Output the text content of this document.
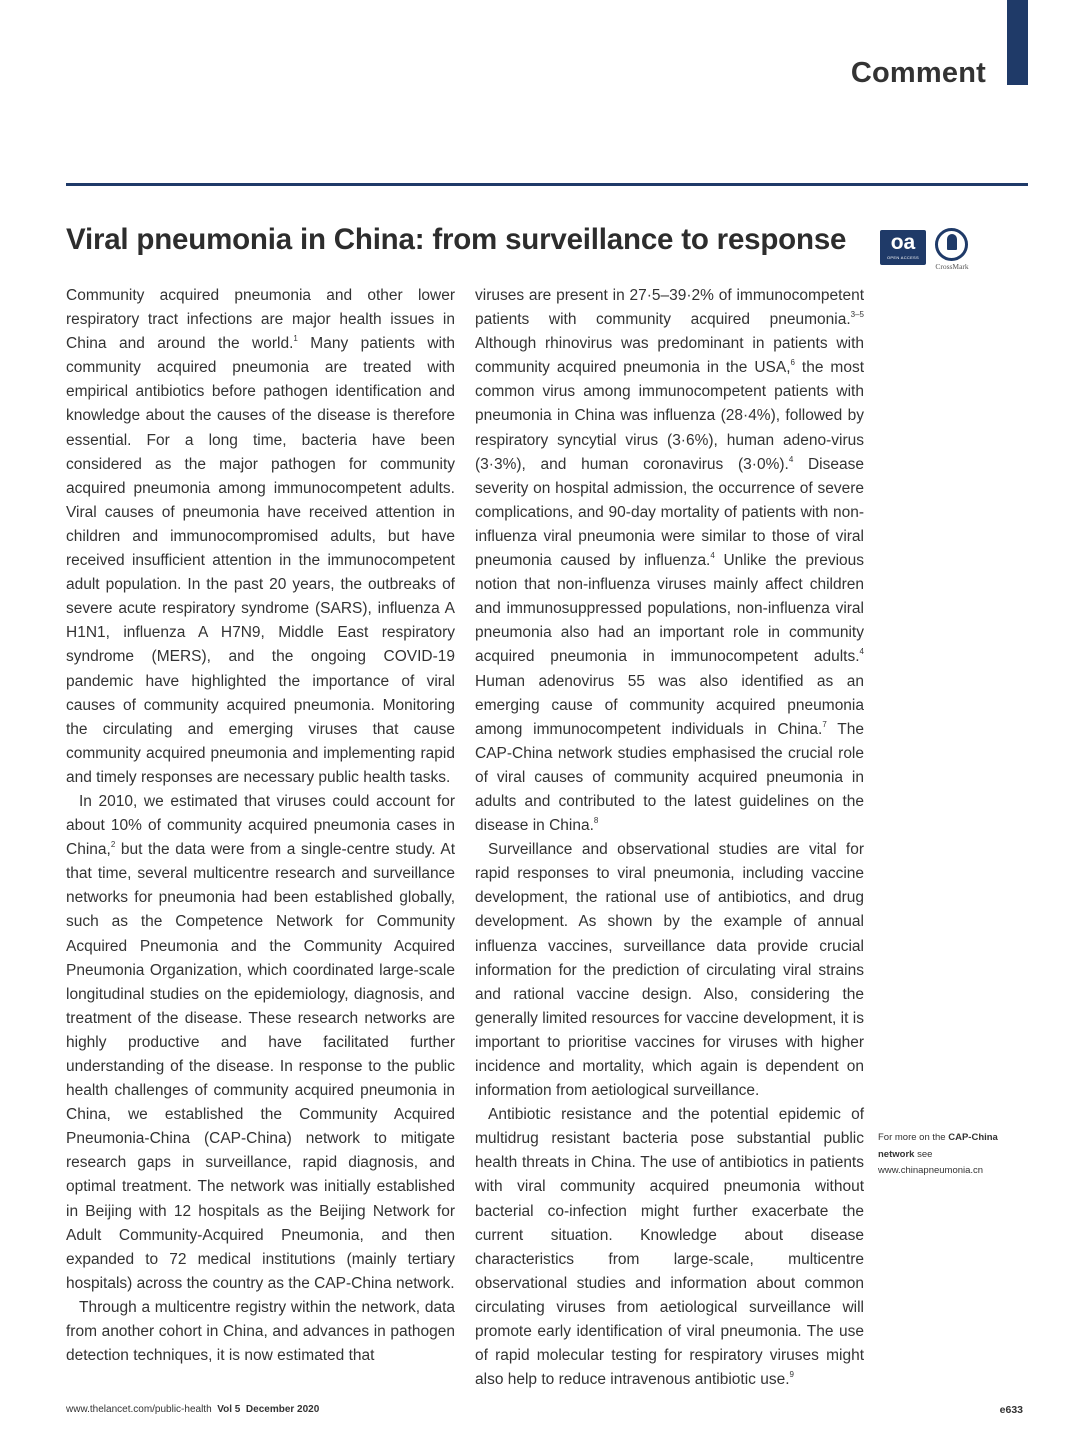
Comment
Viral pneumonia in China: from surveillance to response	oa
OPEN ACCESS
CrossMark

Community acquired pneumonia and other lower respiratory tract infections are major health issues in China and around the world.$^1$ Many patients with community acquired pneumonia are treated with empirical antibiotics before pathogen identification and knowledge about the causes of the disease is therefore essential. For a long time, bacteria have been considered as the major pathogen for community acquired pneumonia among immunocompetent adults. Viral causes of pneumonia have received attention in children and immunocompromised adults, but have received insufficient attention in the immunocompetent adult population. In the past 20 years, the outbreaks of severe acute respiratory syndrome (SARS), influenza A H1N1, influenza A H7N9, Middle East respiratory syndrome (MERS), and the ongoing COVID-19 pandemic have highlighted the importance of viral causes of community acquired pneumonia. Monitoring the circulating and emerging viruses that cause community acquired pneumonia and implementing rapid and timely responses are necessary public health tasks.

In 2010, we estimated that viruses could account for about 10% of community acquired pneumonia cases in China,$^2$ but the data were from a single-centre study. At that time, several multicentre research and surveillance networks for pneumonia had been established globally, such as the Competence Network for Community Acquired Pneumonia and the Community Acquired Pneumonia Organization, which coordinated large-scale longitudinal studies on the epidemiology, diagnosis, and treatment of the disease. These research networks are highly productive and have facilitated further understanding of the disease. In response to the public health challenges of community acquired pneumonia in China, we established the Community Acquired Pneumonia-China (CAP-China) network to mitigate research gaps in surveillance, rapid diagnosis, and optimal treatment. The network was initially established in Beijing with 12 hospitals as the Beijing Network for Adult Community-Acquired Pneumonia, and then expanded to 72 medical institutions (mainly tertiary hospitals) across the country as the CAP-China network.

Through a multicentre registry within the network, data from another cohort in China, and advances in pathogen detection techniques, it is now estimated that

viruses are present in 27·5–39·2% of immunocompetent patients with community acquired pneumonia.$^{3-5}$ Although rhinovirus was predominant in patients with community acquired pneumonia in the USA,$^6$ the most common virus among immunocompetent patients with pneumonia in China was influenza (28·4%), followed by respiratory syncytial virus (3·6%), human adeno-virus (3·3%), and human coronavirus (3·0%).$^4$ Disease severity on hospital admission, the occurrence of severe complications, and 90-day mortality of patients with non-influenza viral pneumonia were similar to those of viral pneumonia caused by influenza.$^4$ Unlike the previous notion that non-influenza viruses mainly affect children and immunosuppressed populations, non-influenza viral pneumonia also had an important role in community acquired pneumonia in immunocompetent adults.$^4$ Human adenovirus 55 was also identified as an emerging cause of community acquired pneumonia among immunocompetent individuals in China.$^7$ The CAP-China network studies emphasised the crucial role of viral causes of community acquired pneumonia in adults and contributed to the latest guidelines on the disease in China.$^8$

Surveillance and observational studies are vital for rapid responses to viral pneumonia, including vaccine development, the rational use of antibiotics, and drug development. As shown by the example of annual influenza vaccines, surveillance data provide crucial information for the prediction of circulating viral strains and rational vaccine design. Also, considering the generally limited resources for vaccine development, it is important to prioritise vaccines for viruses with higher incidence and mortality, which again is dependent on information from aetiological surveillance.

Antibiotic resistance and the potential epidemic of multidrug resistant bacteria pose substantial public health threats in China. The use of antibiotics in patients with viral community acquired pneumonia without bacterial co-infection might further exacerbate the current situation. Knowledge about disease characteristics from large-scale, multicentre observational studies and information about common circulating viruses from aetiological surveillance will promote early identification of viral pneumonia. The use of rapid molecular testing for respiratory viruses might also help to reduce intravenous antibiotic use.$^9$

For more on the CAP-China network see www.chinapneumonia.cn
www.thelancet.com/public-health Vol 5 December 2020	e633
